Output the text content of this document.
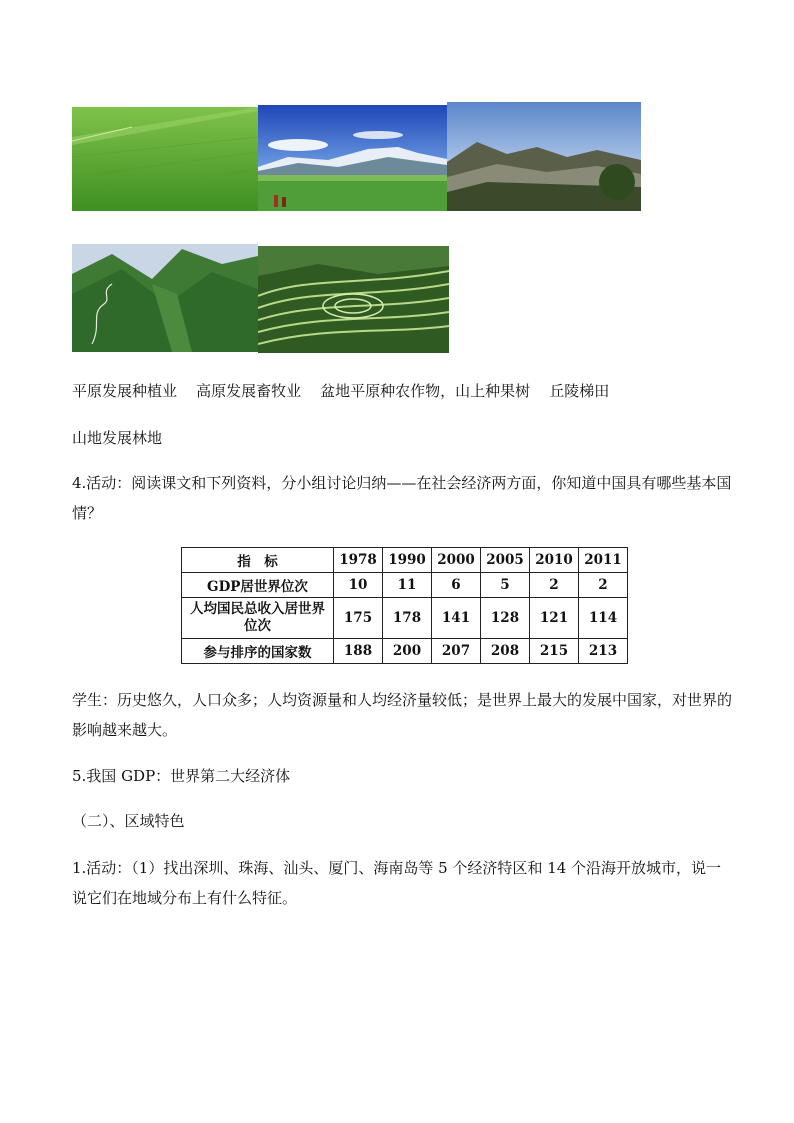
平原发展种植业    高原发展畜牧业    盆地平原种农作物，山上种果树    丘陵梯田
山地发展林地
4.活动：阅读课文和下列资料，分小组讨论归纳——在社会经济两方面，你知道中国具有哪些基本国情？
指　标	1978	1990	2000	2005	2010	2011
GDP居世界位次	10	11	6	5	2	2
人均国民总收入居世界位次	175	178	141	128	121	114
参与排序的国家数	188	200	207	208	215	213
学生：历史悠久，人口众多；人均资源量和人均经济量较低；是世界上最大的发展中国家，对世界的影响越来越大。
5.我国 GDP：世界第二大经济体
（二）、区域特色
1.活动：（1）找出深圳、珠海、汕头、厦门、海南岛等 5 个经济特区和 14 个沿海开放城市，说一说它们在地域分布上有什么特征。
